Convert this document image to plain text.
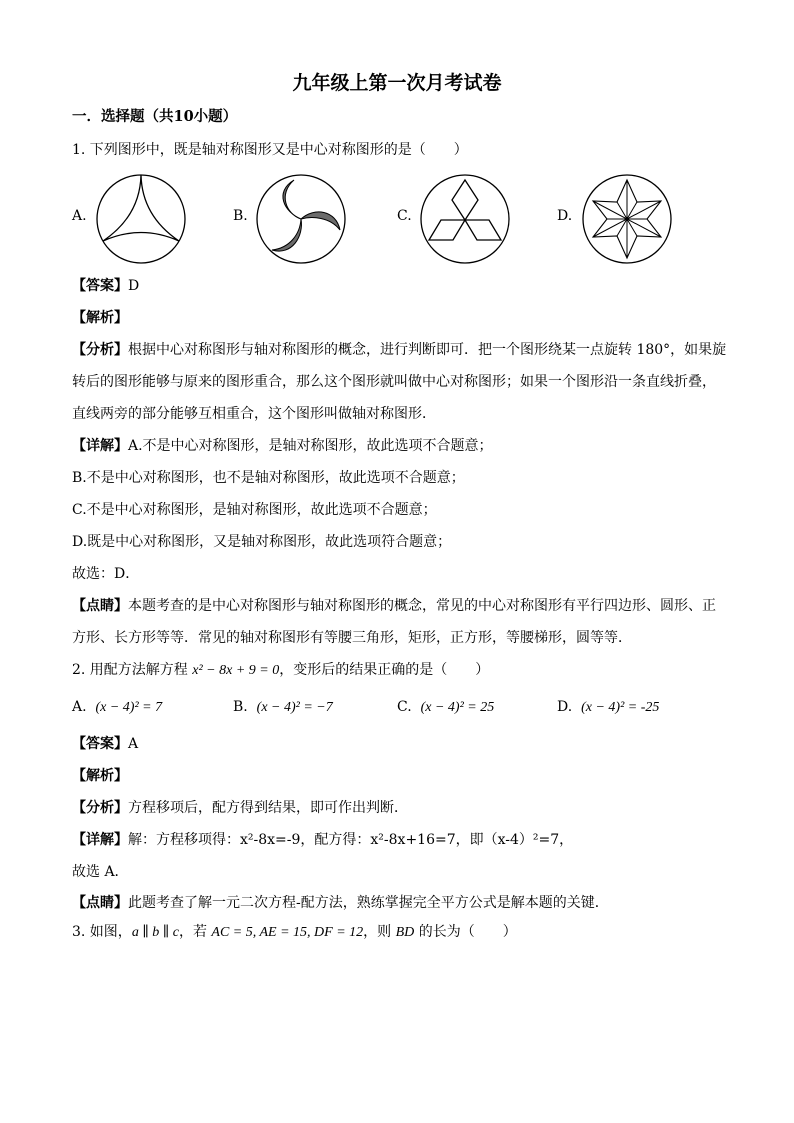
九年级上第一次月考试卷
一．选择题（共10小题）
1. 下列图形中，既是轴对称图形又是中心对称图形的是（　　）
A.	B.	C.	D.
【答案】D
【解析】
【分析】根据中心对称图形与轴对称图形的概念，进行判断即可．把一个图形绕某一点旋转 180°，如果旋
转后的图形能够与原来的图形重合，那么这个图形就叫做中心对称图形；如果一个图形沿一条直线折叠，
直线两旁的部分能够互相重合，这个图形叫做轴对称图形．
【详解】A.不是中心对称图形，是轴对称图形，故此选项不合题意；
B.不是中心对称图形，也不是轴对称图形，故此选项不合题意；
C.不是中心对称图形，是轴对称图形，故此选项不合题意；
D.既是中心对称图形，又是轴对称图形，故此选项符合题意；
故选：D．
【点睛】本题考查的是中心对称图形与轴对称图形的概念，常见的中心对称图形有平行四边形、圆形、正
方形、长方形等等．常见的轴对称图形有等腰三角形，矩形，正方形，等腰梯形，圆等等．
2. 用配方法解方程 x² − 8x + 9 = 0，变形后的结果正确的是（　　）
A. (x − 4)² = 7	B. (x − 4)² = −7	C. (x − 4)² = 25	D. (x − 4)² = -25
【答案】A
【解析】
【分析】方程移项后，配方得到结果，即可作出判断．
【详解】解：方程移项得：x²-8x=-9，配方得：x²-8x+16=7，即（x-4）²=7，
故选 A．
【点睛】此题考查了解一元二次方程-配方法，熟练掌握完全平方公式是解本题的关键．
3. 如图，a ∥ b ∥ c，若 AC = 5, AE = 15, DF = 12，则 BD 的长为（　　）
